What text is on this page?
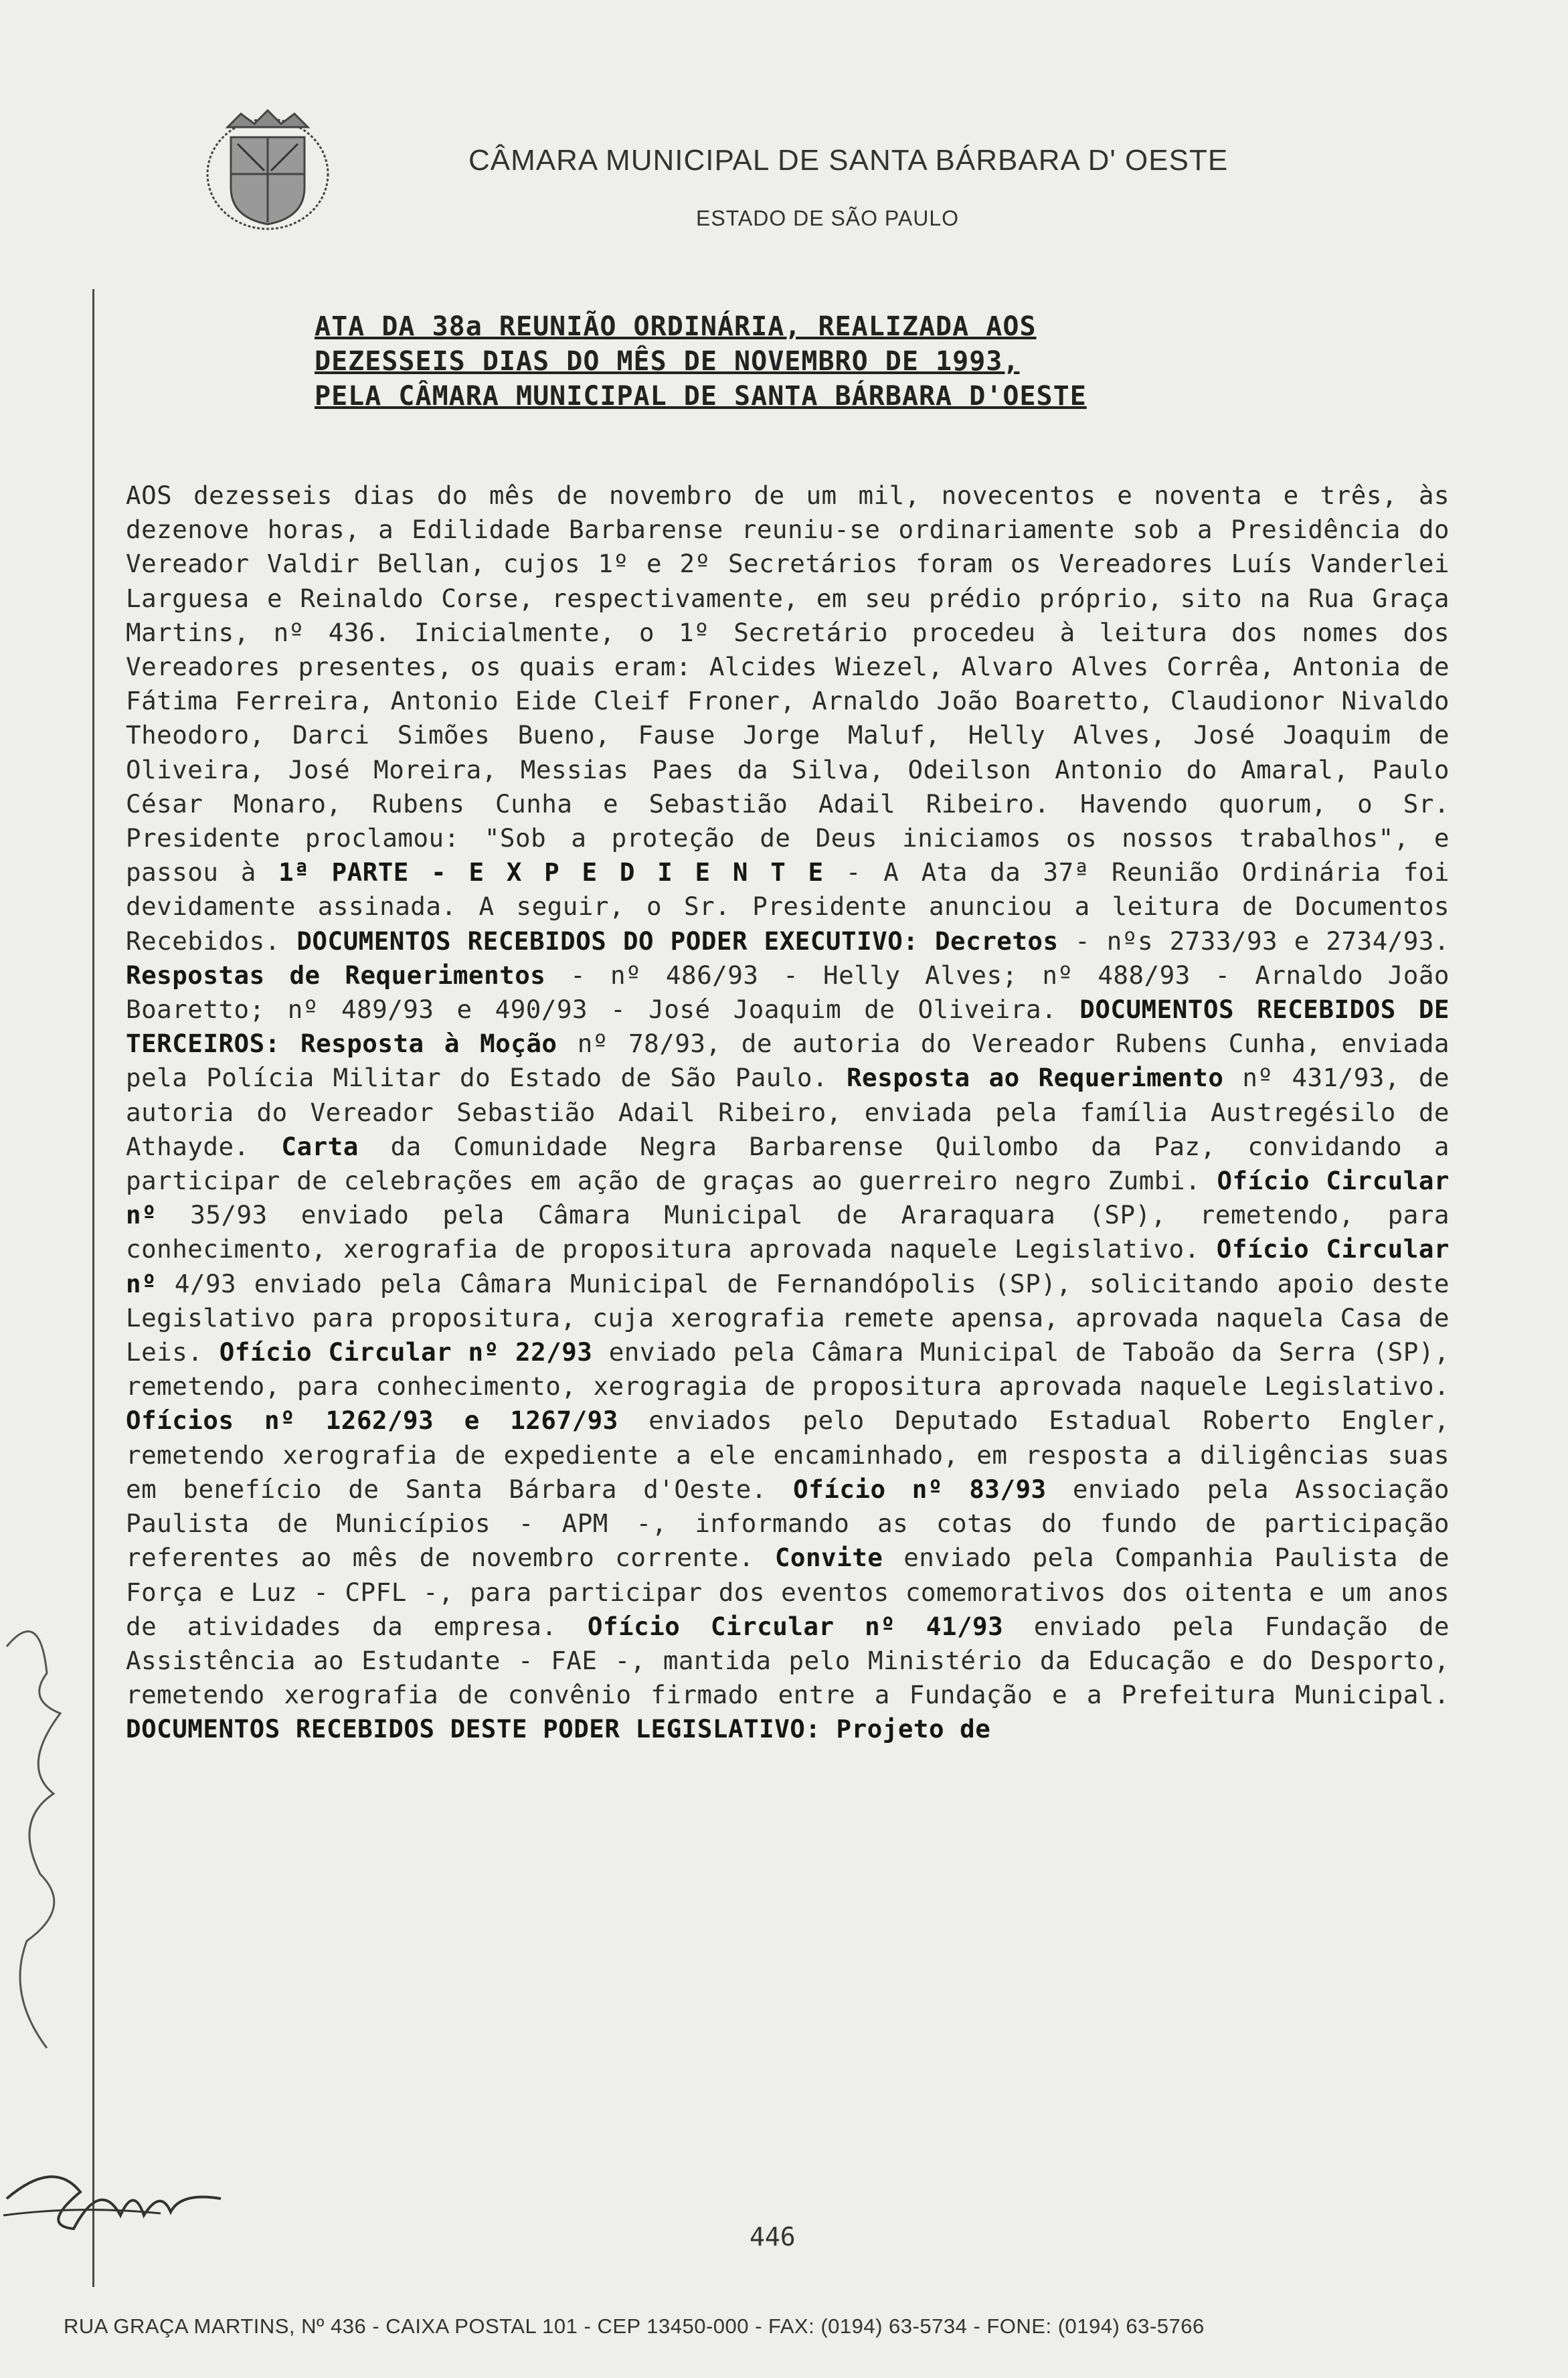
CÂMARA MUNICIPAL DE SANTA BÁRBARA D' OESTE
ESTADO DE SÃO PAULO
ATA DA 38a REUNIÃO ORDINÁRIA, REALIZADA AOS
DEZESSEIS DIAS DO MÊS DE NOVEMBRO DE 1993,
PELA CÂMARA MUNICIPAL DE SANTA BÁRBARA D'OESTE
AOS dezesseis dias do mês de novembro de um mil, novecentos e noventa e três, às dezenove horas, a Edilidade Barbarense reuniu-se ordinariamente sob a Presidência do Vereador Valdir Bellan, cujos 1º e 2º Secretários foram os Vereadores Luís Vanderlei Larguesa e Reinaldo Corse, respectivamente, em seu prédio próprio, sito na Rua Graça Martins, nº 436. Inicialmente, o 1º Secretário procedeu à leitura dos nomes dos Vereadores presentes, os quais eram: Alcides Wiezel, Alvaro Alves Corrêa, Antonia de Fátima Ferreira, Antonio Eide Cleif Froner, Arnaldo João Boaretto, Claudionor Nivaldo Theodoro, Darci Simões Bueno, Fause Jorge Maluf, Helly Alves, José Joaquim de Oliveira, José Moreira, Messias Paes da Silva, Odeilson Antonio do Amaral, Paulo César Monaro, Rubens Cunha e Sebastião Adail Ribeiro. Havendo quorum, o Sr. Presidente proclamou: "Sob a proteção de Deus iniciamos os nossos trabalhos", e passou à 1ª PARTE - E X P E D I E N T E - A Ata da 37ª Reunião Ordinária foi devidamente assinada. A seguir, o Sr. Presidente anunciou a leitura de Documentos Recebidos. DOCUMENTOS RECEBIDOS DO PODER EXECUTIVO: Decretos - nºs 2733/93 e 2734/93. Respostas de Requerimentos - nº 486/93 - Helly Alves; nº 488/93 - Arnaldo João Boaretto; nº 489/93 e 490/93 - José Joaquim de Oliveira. DOCUMENTOS RECEBIDOS DE TERCEIROS: Resposta à Moção nº 78/93, de autoria do Vereador Rubens Cunha, enviada pela Polícia Militar do Estado de São Paulo. Resposta ao Requerimento nº 431/93, de autoria do Vereador Sebastião Adail Ribeiro, enviada pela família Austregésilo de Athayde. Carta da Comunidade Negra Barbarense Quilombo da Paz, convidando a participar de celebrações em ação de graças ao guerreiro negro Zumbi. Ofício Circular nº 35/93 enviado pela Câmara Municipal de Araraquara (SP), remetendo, para conhecimento, xerografia de propositura aprovada naquele Legislativo. Ofício Circular nº 4/93 enviado pela Câmara Municipal de Fernandópolis (SP), solicitando apoio deste Legislativo para propositura, cuja xerografia remete apensa, aprovada naquela Casa de Leis. Ofício Circular nº 22/93 enviado pela Câmara Municipal de Taboão da Serra (SP), remetendo, para conhecimento, xerogragia de propositura aprovada naquele Legislativo. Ofícios nº 1262/93 e 1267/93 enviados pelo Deputado Estadual Roberto Engler, remetendo xerografia de expediente a ele encaminhado, em resposta a diligências suas em benefício de Santa Bárbara d'Oeste. Ofício nº 83/93 enviado pela Associação Paulista de Municípios - APM -, informando as cotas do fundo de participação referentes ao mês de novembro corrente. Convite enviado pela Companhia Paulista de Força e Luz - CPFL -, para participar dos eventos comemorativos dos oitenta e um anos de atividades da empresa. Ofício Circular nº 41/93 enviado pela Fundação de Assistência ao Estudante - FAE -, mantida pelo Ministério da Educação e do Desporto, remetendo xerografia de convênio firmado entre a Fundação e a Prefeitura Municipal. DOCUMENTOS RECEBIDOS DESTE PODER LEGISLATIVO: Projeto de
446
RUA GRAÇA MARTINS, Nº 436 - CAIXA POSTAL 101 - CEP 13450-000 - FAX: (0194) 63-5734 - FONE: (0194) 63-5766
